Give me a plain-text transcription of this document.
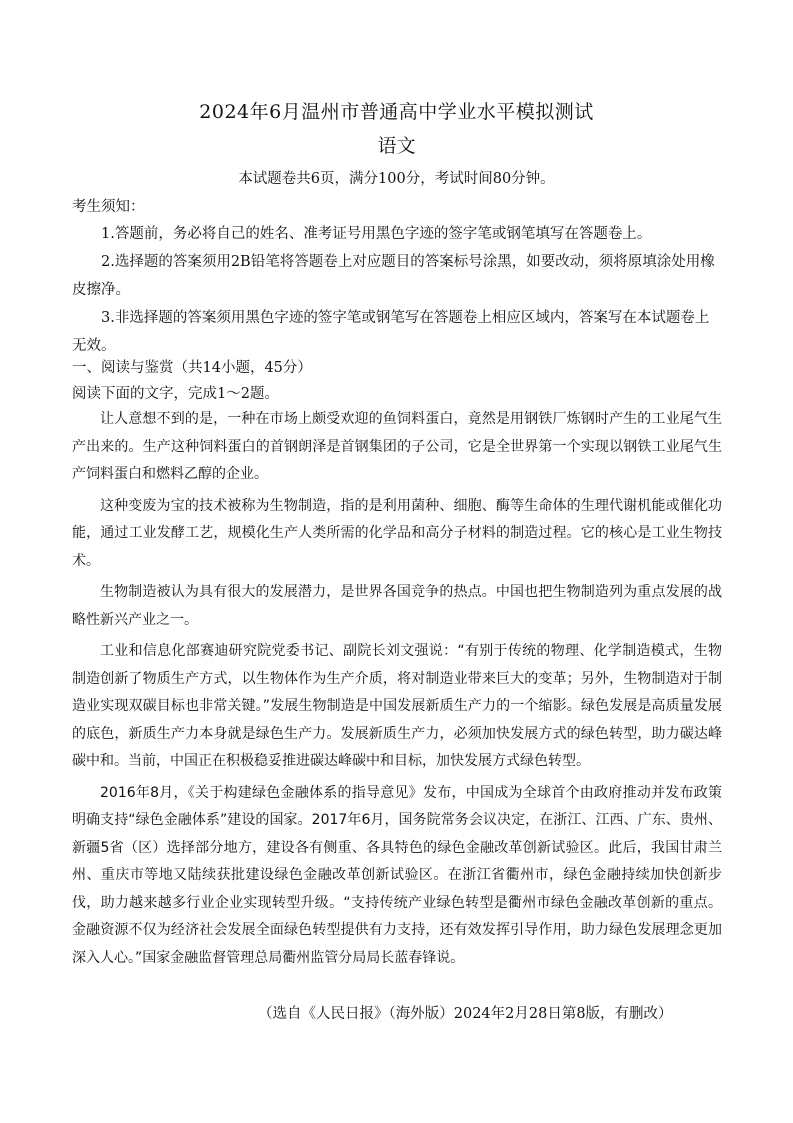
2024年6月温州市普通高中学业水平模拟测试
语文
本试题卷共6页，满分100分，考试时间80分钟。
考生须知：
1.答题前，务必将自己的姓名、准考证号用黑色字迹的签字笔或钢笔填写在答题卷上。
2.选择题的答案须用2B铅笔将答题卷上对应题目的答案标号涂黑，如要改动，须将原填涂处用橡皮擦净。
3.非选择题的答案须用黑色字迹的签字笔或钢笔写在答题卷上相应区域内，答案写在本试题卷上无效。
一、阅读与鉴赏（共14小题，45分）
阅读下面的文字，完成1～2题。

让人意想不到的是，一种在市场上颇受欢迎的鱼饲料蛋白，竟然是用钢铁厂炼钢时产生的工业尾气生产出来的。生产这种饲料蛋白的首钢朗泽是首钢集团的子公司，它是全世界第一个实现以钢铁工业尾气生产饲料蛋白和燃料乙醇的企业。

这种变废为宝的技术被称为生物制造，指的是利用菌种、细胞、酶等生命体的生理代谢机能或催化功能，通过工业发酵工艺，规模化生产人类所需的化学品和高分子材料的制造过程。它的核心是工业生物技术。

生物制造被认为具有很大的发展潜力，是世界各国竞争的热点。中国也把生物制造列为重点发展的战略性新兴产业之一。

工业和信息化部赛迪研究院党委书记、副院长刘文强说：“有别于传统的物理、化学制造模式，生物制造创新了物质生产方式，以生物体作为生产介质，将对制造业带来巨大的变革；另外，生物制造对于制造业实现双碳目标也非常关键。”发展生物制造是中国发展新质生产力的一个缩影。绿色发展是高质量发展的底色，新质生产力本身就是绿色生产力。发展新质生产力，必须加快发展方式的绿色转型，助力碳达峰碳中和。当前，中国正在积极稳妥推进碳达峰碳中和目标，加快发展方式绿色转型。

2016年8月，《关于构建绿色金融体系的指导意见》发布，中国成为全球首个由政府推动并发布政策明确支持“绿色金融体系”建设的国家。2017年6月，国务院常务会议决定，在浙江、江西、广东、贵州、新疆5省（区）选择部分地方，建设各有侧重、各具特色的绿色金融改革创新试验区。此后，我国甘肃兰州、重庆市等地又陆续获批建设绿色金融改革创新试验区。在浙江省衢州市，绿色金融持续加快创新步伐，助力越来越多行业企业实现转型升级。“支持传统产业绿色转型是衢州市绿色金融改革创新的重点。金融资源不仅为经济社会发展全面绿色转型提供有力支持，还有效发挥引导作用，助力绿色发展理念更加深入人心。”国家金融监督管理总局衢州监管分局局长蓝春锋说。

（选自《人民日报》（海外版）2024年2月28日第8版，有删改）
